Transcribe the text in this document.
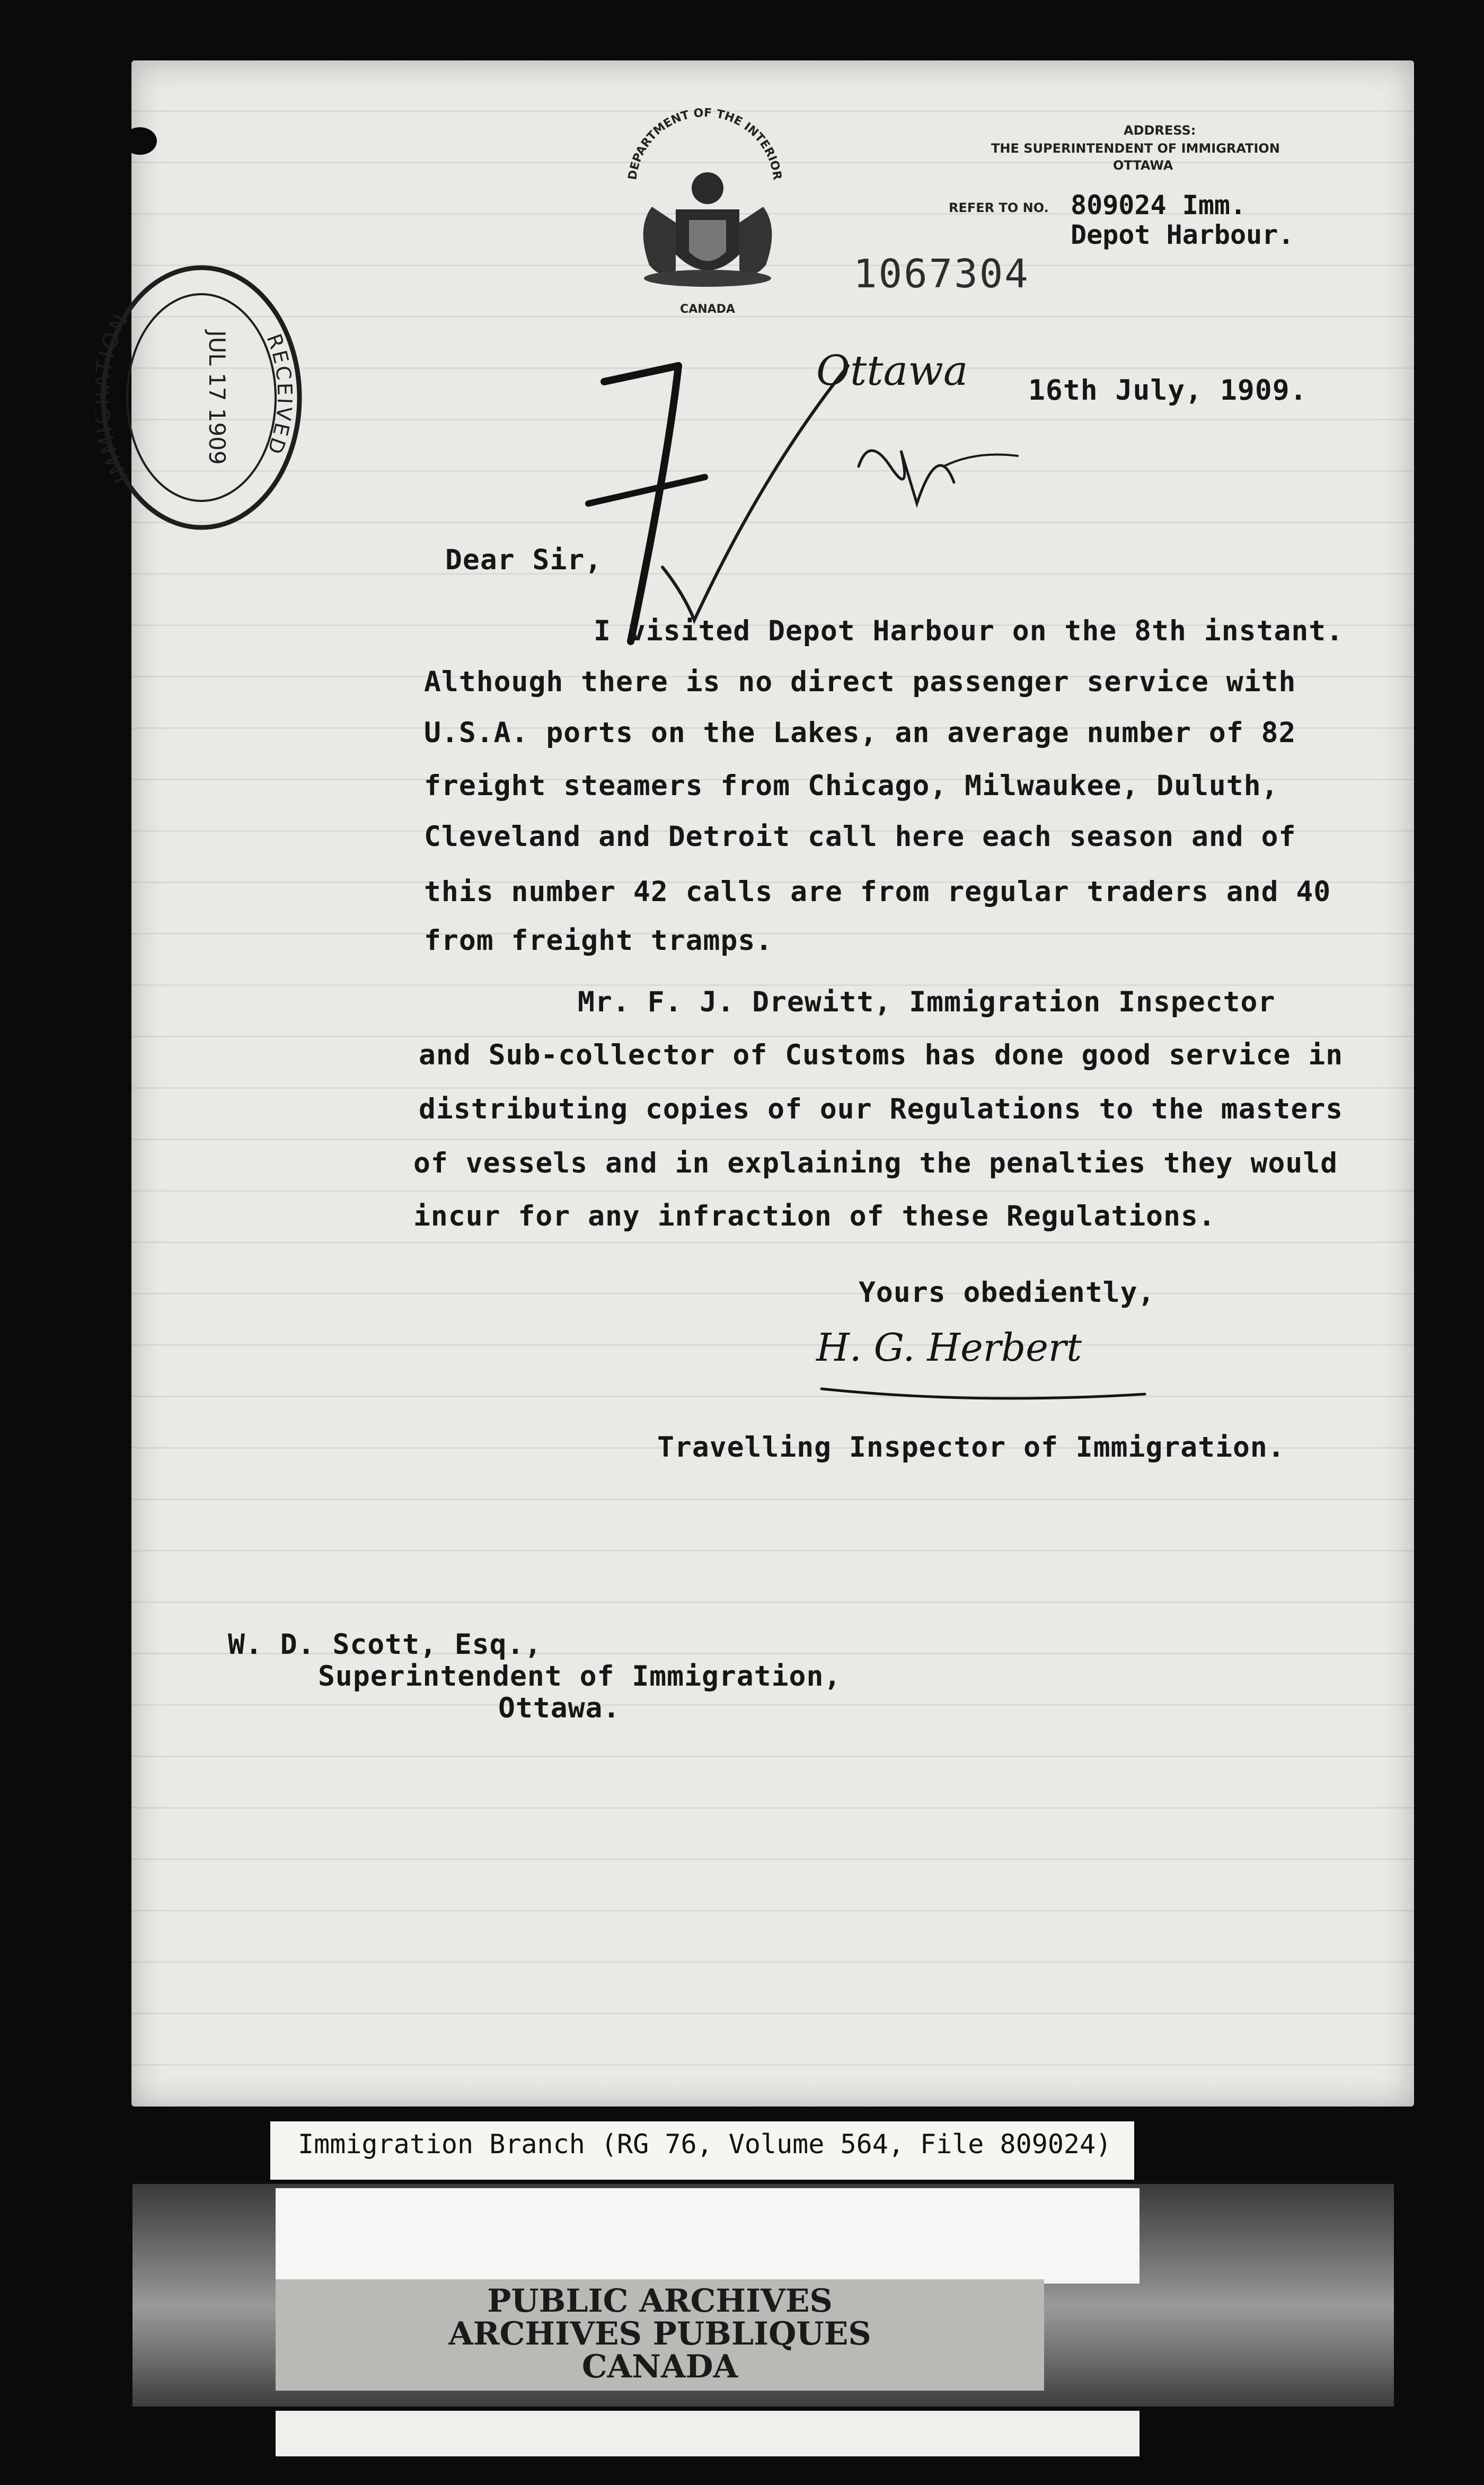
ADDRESS:
THE SUPERINTENDENT OF IMMIGRATION
OTTAWA
REFER TO NO. 809024 Imm.
Depot Harbour.
DEPARTMENT OF THE INTERIOR
CANADA
1067304
IMM ION
RECEIVED
JUL 17 1909	Ottawa 16th July, 1909.
Dear Sir,
I visited Depot Harbour on the 8th instant.
Although there is no direct passenger service with
U.S.A. ports on the Lakes, an average number of 82
freight steamers from Chicago, Milwaukee, Duluth,
Cleveland and Detroit call here each season and of
this number 42 calls are from regular traders and 40
from freight tramps.
Mr. F. J. Drewitt, Immigration Inspector
and Sub-collector of Customs has done good service in
distributing copies of our Regulations to the masters
of vessels and in explaining the penalties they would
incur for any infraction of these Regulations.
Yours obediently,
H. G. Herbert
Travelling Inspector of Immigration.
W. D. Scott, Esq.,
Superintendent of Immigration,
Ottawa.
Immigration Branch (RG 76, Volume 564, File 809024)
PUBLIC ARCHIVES
ARCHIVES PUBLIQUES
CANADA
